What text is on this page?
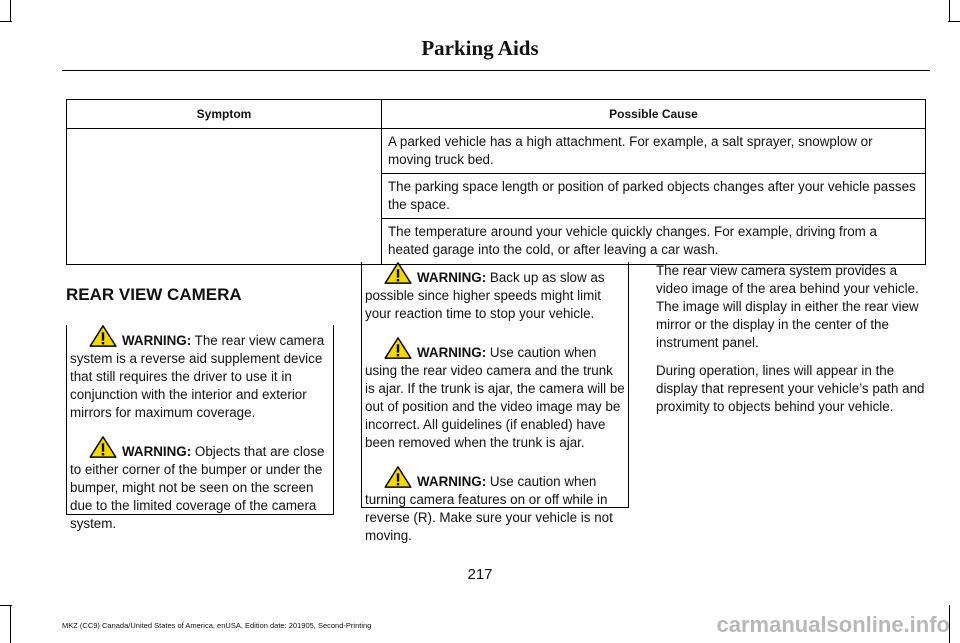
Parking Aids
Symptom	Possible Cause
	A parked vehicle has a high attachment. For example, a salt sprayer, snowplow or moving truck bed.
	The parking space length or position of parked objects changes after your vehicle passes the space.
	The temperature around your vehicle quickly changes. For example, driving from a heated garage into the cold, or after leaving a car wash.
REAR VIEW CAMERA

WARNING: The rear view camera system is a reverse aid supplement device that still requires the driver to use it in conjunction with the interior and exterior mirrors for maximum coverage.

WARNING: Objects that are close to either corner of the bumper or under the bumper, might not be seen on the screen due to the limited coverage of the camera system.

WARNING: Back up as slow as possible since higher speeds might limit your reaction time to stop your vehicle.

WARNING: Use caution when using the rear video camera and the trunk is ajar. If the trunk is ajar, the camera will be out of position and the video image may be incorrect. All guidelines (if enabled) have been removed when the trunk is ajar.

WARNING: Use caution when turning camera features on or off while in reverse (R). Make sure your vehicle is not moving.

The rear view camera system provides a video image of the area behind your vehicle. The image will display in either the rear view mirror or the display in the center of the instrument panel.

During operation, lines will appear in the display that represent your vehicle’s path and proximity to objects behind your vehicle.

217
MKZ (CC9) Canada/United States of America, enUSA, Edition date: 201905, Second-Printing	carmanualsonline.info
